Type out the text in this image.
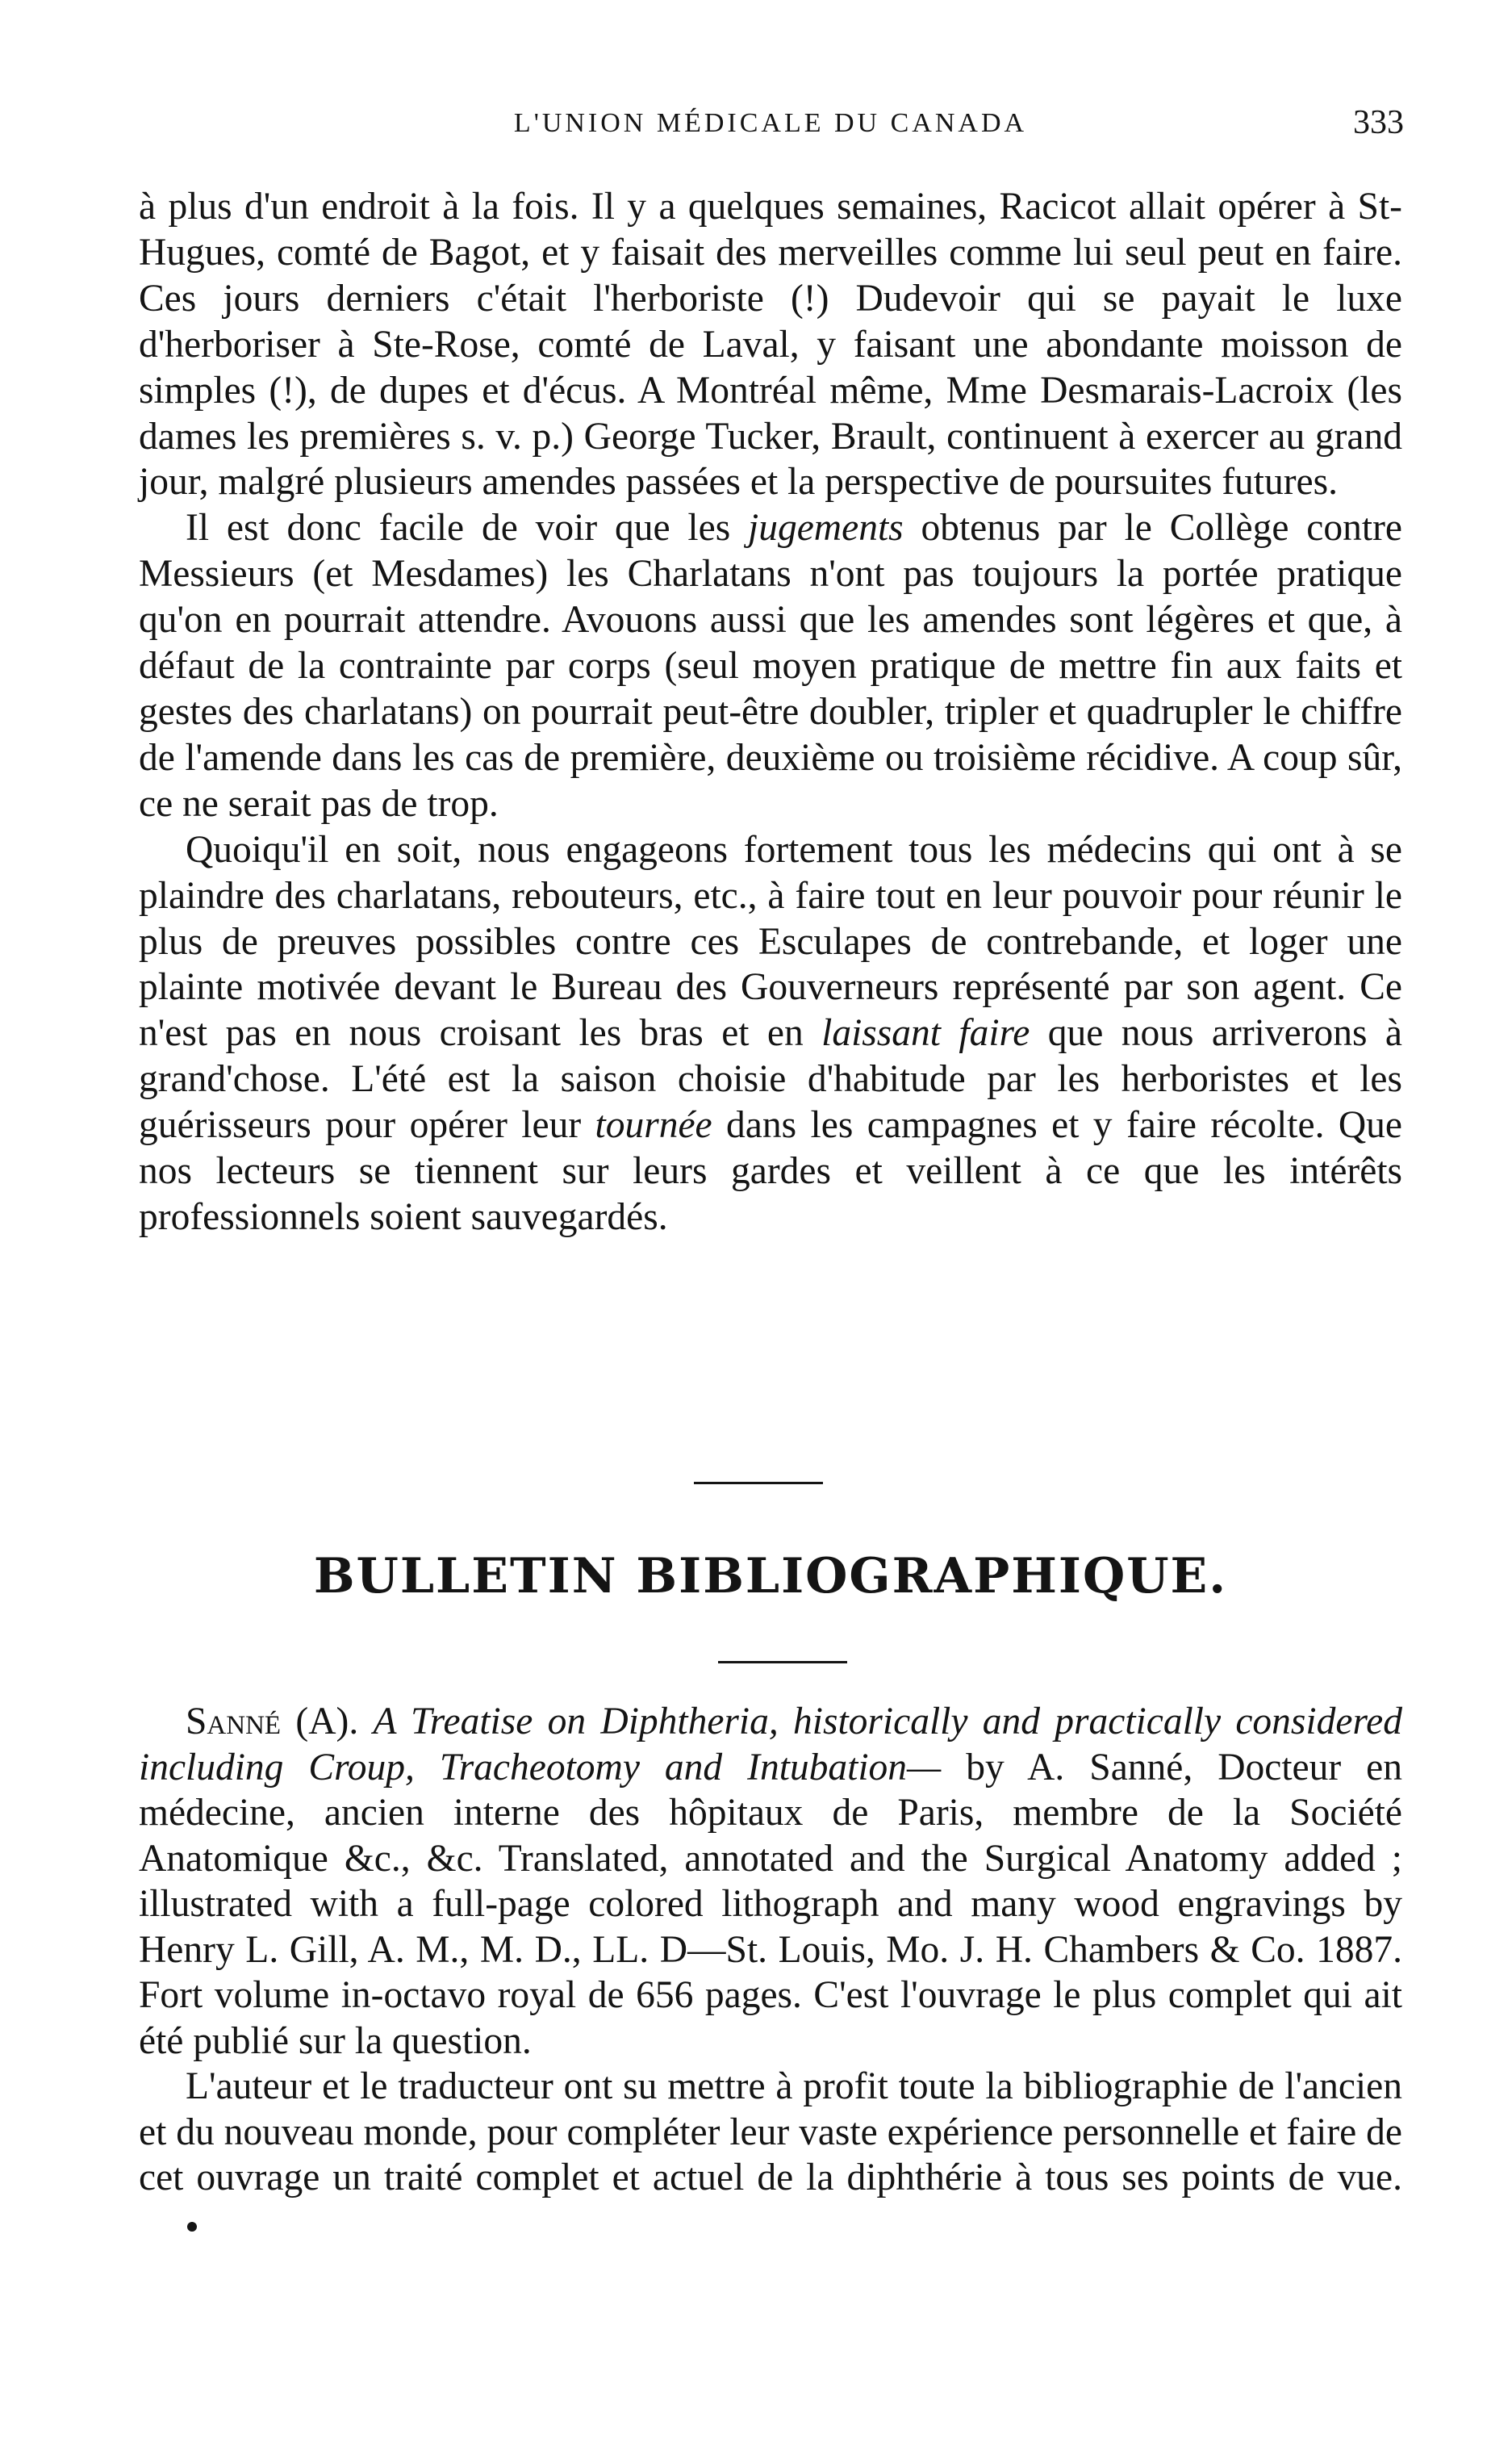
L'UNION MÉDICALE DU CANADA	333

à plus d'un endroit à la fois. Il y a quelques semaines, Racicot allait opérer à St-Hugues, comté de Bagot, et y faisait des merveilles comme lui seul peut en faire. Ces jours derniers c'était l'herboriste (!) Dudevoir qui se payait le luxe d'herboriser à Ste-Rose, comté de Laval, y faisant une abondante moisson de simples (!), de dupes et d'écus. A Montréal même, Mme Desmarais-Lacroix (les dames les premières s. v. p.) George Tucker, Brault, continuent à exercer au grand jour, malgré plusieurs amendes passées et la perspective de poursuites futures.

Il est donc facile de voir que les jugements obtenus par le Collège contre Messieurs (et Mesdames) les Charlatans n'ont pas toujours la portée pratique qu'on en pourrait attendre. Avouons aussi que les amendes sont légères et que, à défaut de la contrainte par corps (seul moyen pratique de mettre fin aux faits et gestes des charlatans) on pourrait peut-être doubler, tripler et quadrupler le chiffre de l'amende dans les cas de première, deuxième ou troisième récidive. A coup sûr, ce ne serait pas de trop.

Quoiqu'il en soit, nous engageons fortement tous les médecins qui ont à se plaindre des charlatans, rebouteurs, etc., à faire tout en leur pouvoir pour réunir le plus de preuves possibles contre ces Esculapes de contrebande, et loger une plainte motivée devant le Bureau des Gouverneurs représenté par son agent. Ce n'est pas en nous croisant les bras et en laissant faire que nous arriverons à grand'chose. L'été est la saison choisie d'habitude par les herboristes et les guérisseurs pour opérer leur tournée dans les campagnes et y faire récolte. Que nos lecteurs se tiennent sur leurs gardes et veillent à ce que les intérêts professionnels soient sauvegardés.

BULLETIN BIBLIOGRAPHIQUE.

Sanné (A). A Treatise on Diphtheria, historically and practically considered including Croup, Tracheotomy and Intubation— by A. Sanné, Docteur en médecine, ancien interne des hôpitaux de Paris, membre de la Société Anatomique &c., &c. Translated, annotated and the Surgical Anatomy added ; illustrated with a full-page colored lithograph and many wood engravings by Henry L. Gill, A. M., M. D., LL. D—St. Louis, Mo. J. H. Chambers & Co. 1887. Fort volume in-octavo royal de 656 pages. C'est l'ouvrage le plus complet qui ait été publié sur la question.

L'auteur et le traducteur ont su mettre à profit toute la bibliographie de l'ancien et du nouveau monde, pour compléter leur vaste expérience personnelle et faire de cet ouvrage un traité complet et actuel de la diphthérie à tous ses points de vue.
